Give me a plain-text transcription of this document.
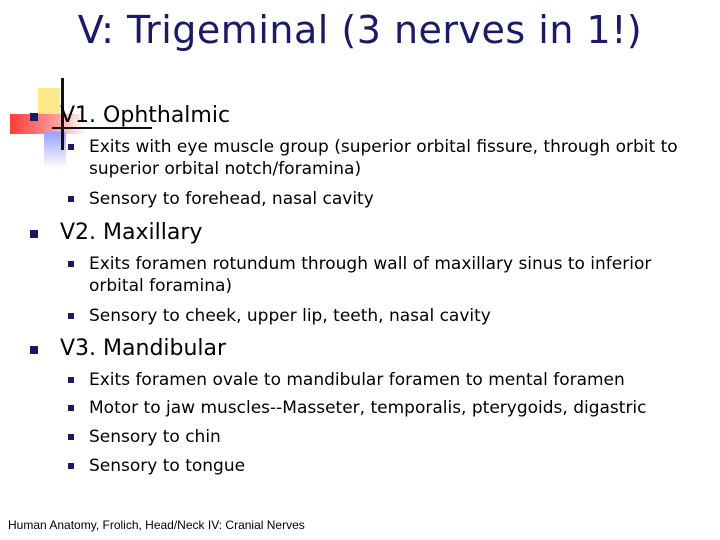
V: Trigeminal (3 nerves in 1!)
V1. Ophthalmic
Exits with eye muscle group (superior orbital fissure, through orbit to superior orbital notch/foramina)
Sensory to forehead, nasal cavity
V2. Maxillary
Exits foramen rotundum through wall of maxillary sinus to inferior orbital foramina)
Sensory to cheek, upper lip, teeth, nasal cavity
V3. Mandibular
Exits foramen ovale to mandibular foramen to mental foramen
Motor to jaw muscles--Masseter, temporalis, pterygoids, digastric
Sensory to chin
Sensory to tongue
Human Anatomy, Frolich, Head/Neck IV: Cranial Nerves
